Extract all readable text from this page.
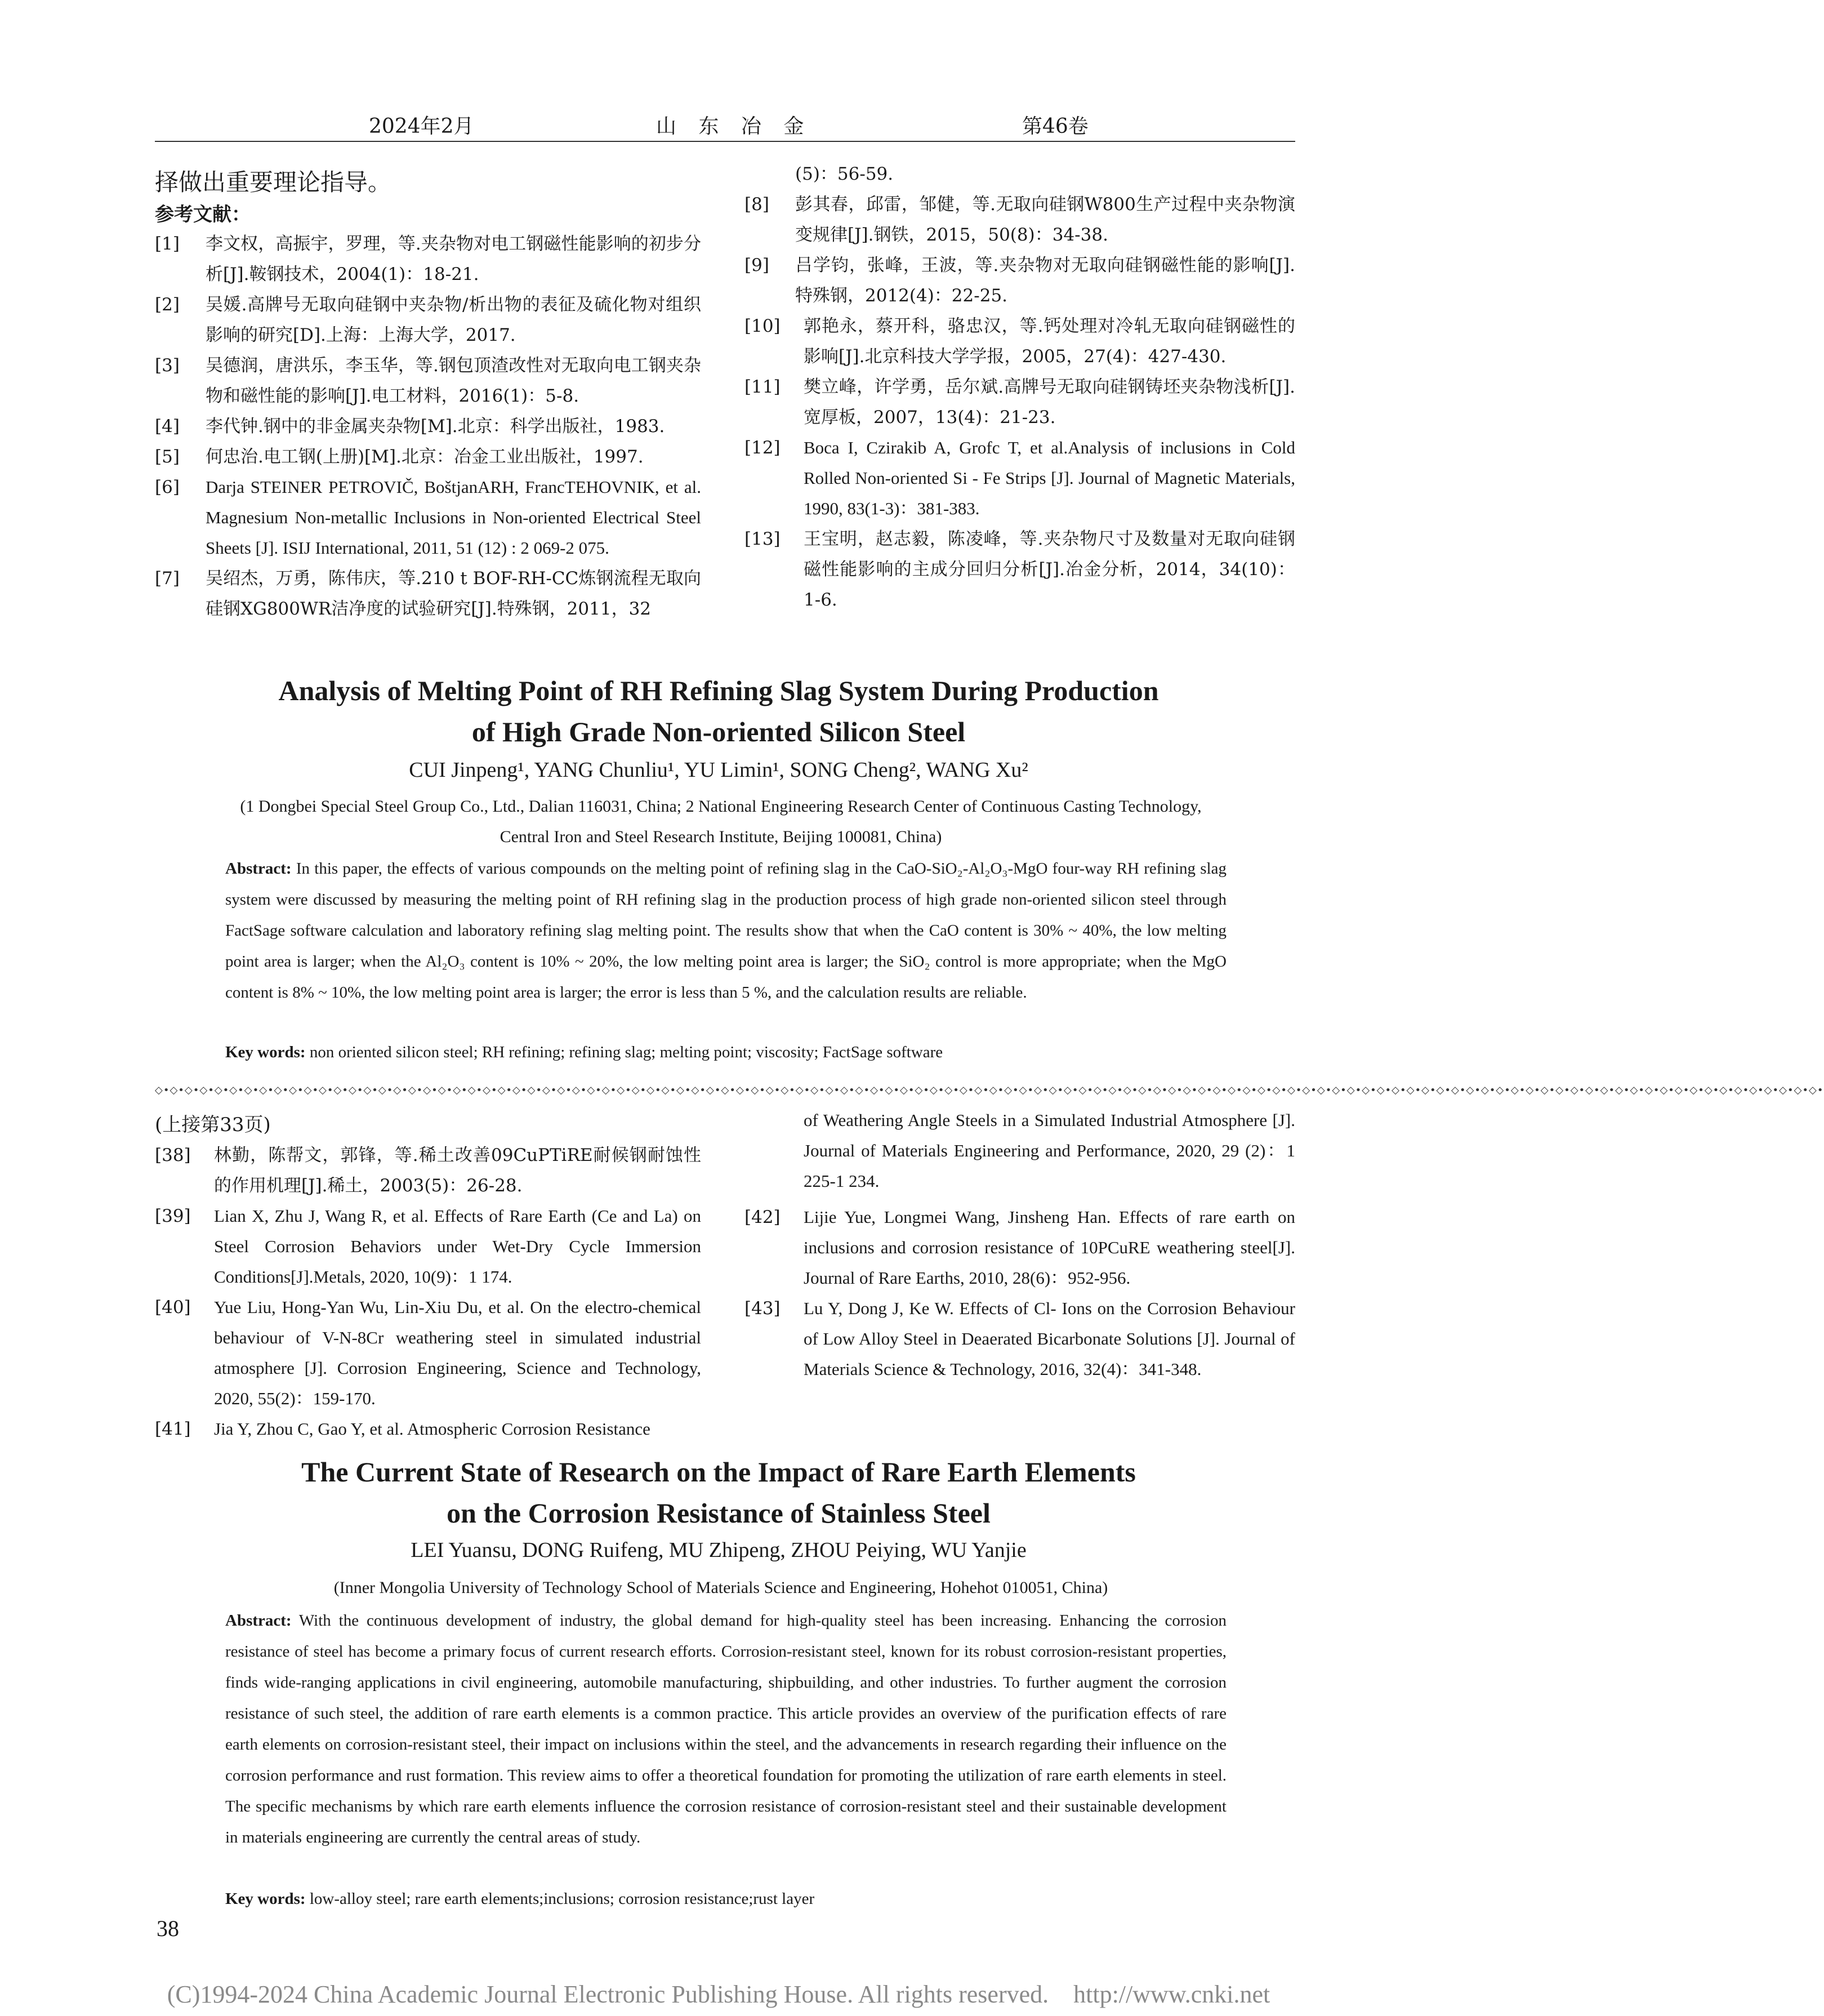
2024年2月	山 东 冶 金	第46卷
择做出重要理论指导。
参考文献：
[1]	李文权，高振宇，罗理，等.夹杂物对电工钢磁性能影响的初步分析[J].鞍钢技术，2004(1)：18-21.
[2]	吴媛.高牌号无取向硅钢中夹杂物/析出物的表征及硫化物对组织影响的研究[D].上海：上海大学，2017.
[3]	吴德润，唐洪乐，李玉华，等.钢包顶渣改性对无取向电工钢夹杂物和磁性能的影响[J].电工材料，2016(1)：5-8.
[4]	李代钟.钢中的非金属夹杂物[M].北京：科学出版社，1983.
[5]	何忠治.电工钢(上册)[M].北京：冶金工业出版社，1997.
[6]	Darja STEINER PETROVIČ, BoštjanARH, FrancTEHOVNIK, et al. Magnesium Non-metallic Inclusions in Non-oriented Electrical Steel Sheets [J]. ISIJ International, 2011, 51 (12) : 2 069-2 075.
[7]	吴绍杰，万勇，陈伟庆，等.210 t BOF-RH-CC炼钢流程无取向硅钢XG800WR洁净度的试验研究[J].特殊钢，2011，32
(5)：56-59.
[8]	彭其春，邱雷，邹健，等.无取向硅钢W800生产过程中夹杂物演变规律[J].钢铁，2015，50(8)：34-38.
[9]	吕学钧，张峰，王波，等.夹杂物对无取向硅钢磁性能的影响[J].特殊钢，2012(4)：22-25.
[10]	郭艳永，蔡开科，骆忠汉，等.钙处理对冷轧无取向硅钢磁性的影响[J].北京科技大学学报，2005，27(4)：427-430.
[11]	樊立峰，许学勇，岳尔斌.高牌号无取向硅钢铸坯夹杂物浅析[J].宽厚板，2007，13(4)：21-23.
[12]	Boca I, Czirakib A, Grofc T, et al.Analysis of inclusions in Cold Rolled Non-oriented Si - Fe Strips [J]. Journal of Magnetic Materials, 1990, 83(1-3)：381-383.
[13]	王宝明，赵志毅，陈凌峰，等.夹杂物尺寸及数量对无取向硅钢磁性能影响的主成分回归分析[J].冶金分析，2014，34(10)：1-6.
Analysis of Melting Point of RH Refining Slag System During Production
of High Grade Non-oriented Silicon Steel
CUI Jinpeng¹, YANG Chunliu¹, YU Limin¹, SONG Cheng², WANG Xu²
(1 Dongbei Special Steel Group Co., Ltd., Dalian 116031, China; 2 National Engineering Research Center of Continuous Casting Technology, Central Iron and Steel Research Institute, Beijing 100081, China)
Abstract: In this paper, the effects of various compounds on the melting point of refining slag in the CaO-SiO₂-Al₂O₃-MgO four-way RH refining slag system were discussed by measuring the melting point of RH refining slag in the production process of high grade non-oriented silicon steel through FactSage software calculation and laboratory refining slag melting point. The results show that when the CaO content is 30% ~ 40%, the low melting point area is larger; when the Al₂O₃ content is 10% ~ 20%, the low melting point area is larger; the SiO₂ control is more appropriate; when the MgO content is 8% ~ 10%, the low melting point area is larger; the error is less than 5 %, and the calculation results are reliable.
Key words: non oriented silicon steel; RH refining; refining slag; melting point; viscosity; FactSage software
◇•◇•◇•◇•◇•◇•◇•◇•◇•◇•◇•◇•◇•◇•◇•◇•◇•◇•◇•◇•◇•◇•◇•◇•◇•◇•◇•◇•◇•◇•◇•◇•◇•◇•◇•◇•◇•◇•◇•◇•◇•◇•◇•◇•◇•◇•◇•◇•◇•◇•◇•◇•◇•◇•◇•◇•◇•◇•◇•◇•◇•◇•◇•◇•◇•◇•◇•◇•◇•◇•◇•◇•◇•◇•◇•◇•◇•◇•◇•◇•◇•◇•◇•◇•◇•◇•◇•◇•◇•◇•◇•◇•◇•◇•◇•◇•◇•◇•◇•◇•◇•◇•◇•◇•◇•◇•◇•◇•◇•◇•◇•◇•
(上接第33页)
[38]	林勤，陈帮文，郭锋，等.稀土改善09CuPTiRE耐候钢耐蚀性的作用机理[J].稀土，2003(5)：26-28.
[39]	Lian X, Zhu J, Wang R, et al. Effects of Rare Earth (Ce and La) on Steel Corrosion Behaviors under Wet-Dry Cycle Immersion Conditions[J].Metals, 2020, 10(9)：1 174.
[40]	Yue Liu, Hong-Yan Wu, Lin-Xiu Du, et al. On the electro-chemical behaviour of V-N-8Cr weathering steel in simulated industrial atmosphere [J]. Corrosion Engineering, Science and Technology, 2020, 55(2)：159-170.
[41]	Jia Y, Zhou C, Gao Y, et al. Atmospheric Corrosion Resistance
of Weathering Angle Steels in a Simulated Industrial Atmosphere [J]. Journal of Materials Engineering and Performance, 2020, 29 (2)：1 225-1 234.
[42]	Lijie Yue, Longmei Wang, Jinsheng Han. Effects of rare earth on inclusions and corrosion resistance of 10PCuRE weathering steel[J]. Journal of Rare Earths, 2010, 28(6)：952-956.
[43]	Lu Y, Dong J, Ke W. Effects of Cl- Ions on the Corrosion Behaviour of Low Alloy Steel in Deaerated Bicarbonate Solutions [J]. Journal of Materials Science & Technology, 2016, 32(4)：341-348.
The Current State of Research on the Impact of Rare Earth Elements
on the Corrosion Resistance of Stainless Steel
LEI Yuansu, DONG Ruifeng, MU Zhipeng, ZHOU Peiying, WU Yanjie
(Inner Mongolia University of Technology School of Materials Science and Engineering, Hohehot 010051, China)
Abstract: With the continuous development of industry, the global demand for high-quality steel has been increasing. Enhancing the corrosion resistance of steel has become a primary focus of current research efforts. Corrosion-resistant steel, known for its robust corrosion-resistant properties, finds wide-ranging applications in civil engineering, automobile manufacturing, shipbuilding, and other industries. To further augment the corrosion resistance of such steel, the addition of rare earth elements is a common practice. This article provides an overview of the purification effects of rare earth elements on corrosion-resistant steel, their impact on inclusions within the steel, and the advancements in research regarding their influence on the corrosion performance and rust formation. This review aims to offer a theoretical foundation for promoting the utilization of rare earth elements in steel. The specific mechanisms by which rare earth elements influence the corrosion resistance of corrosion-resistant steel and their sustainable development in materials engineering are currently the central areas of study.
Key words: low-alloy steel; rare earth elements;inclusions; corrosion resistance;rust layer
38
(C)1994-2024 China Academic Journal Electronic Publishing House. All rights reserved.    http://www.cnki.net
